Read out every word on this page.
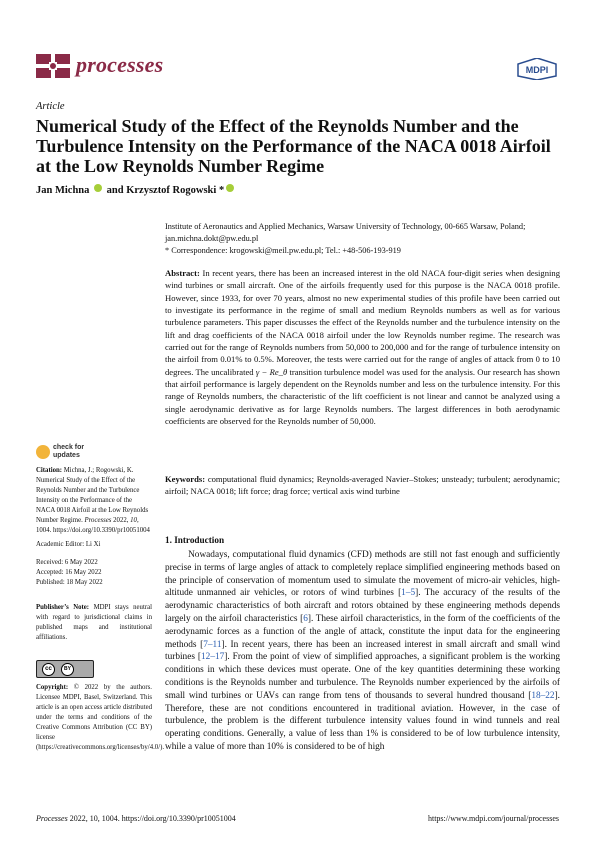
processes	MDPI
Article
Numerical Study of the Effect of the Reynolds Number and the Turbulence Intensity on the Performance of the NACA 0018 Airfoil at the Low Reynolds Number Regime
Jan Michna and Krzysztof Rogowski *
Institute of Aeronautics and Applied Mechanics, Warsaw University of Technology, 00-665 Warsaw, Poland;
jan.michna.dokt@pw.edu.pl
* Correspondence: krogowski@meil.pw.edu.pl; Tel.: +48-506-193-919
Abstract: In recent years, there has been an increased interest in the old NACA four-digit series when designing wind turbines or small aircraft. One of the airfoils frequently used for this purpose is the NACA 0018 profile. However, since 1933, for over 70 years, almost no new experimental studies of this profile have been carried out to investigate its performance in the regime of small and medium Reynolds numbers as well as for various turbulence parameters. This paper discusses the effect of the Reynolds number and the turbulence intensity on the lift and drag coefficients of the NACA 0018 airfoil under the low Reynolds number regime. The research was carried out for the range of Reynolds numbers from 50,000 to 200,000 and for the range of turbulence intensity on the airfoil from 0.01% to 0.5%. Moreover, the tests were carried out for the range of angles of attack from 0 to 10 degrees. The uncalibrated γ − Re_θ transition turbulence model was used for the analysis. Our research has shown that airfoil performance is largely dependent on the Reynolds number and less on the turbulence intensity. For this range of Reynolds numbers, the characteristic of the lift coefficient is not linear and cannot be analyzed using a single aerodynamic derivative as for large Reynolds numbers. The largest differences in both aerodynamic coefficients are observed for the Reynolds number of 50,000.
Keywords: computational fluid dynamics; Reynolds-averaged Navier–Stokes; unsteady; turbulent; aerodynamic; airfoil; NACA 0018; lift force; drag force; vertical axis wind turbine
1. Introduction
Nowadays, computational fluid dynamics (CFD) methods are still not fast enough and sufficiently precise in terms of large angles of attack to completely replace simplified engineering methods based on the principle of conservation of momentum used to simulate the movement of micro-air vehicles, high-altitude unmanned air vehicles, or rotors of wind turbines [1–5]. The accuracy of the results of the aerodynamic characteristics of both aircraft and rotors obtained by these engineering methods depends largely on the airfoil characteristics [6]. These airfoil characteristics, in the form of the coefficients of the aerodynamic forces as a function of the angle of attack, constitute the input data for the engineering methods [7–11]. In recent years, there has been an increased interest in small aircraft and small wind turbines [12–17]. From the point of view of simplified approaches, a significant problem is the working conditions in which these devices must operate. One of the key quantities determining these working conditions is the Reynolds number and turbulence. The Reynolds number experienced by the airfoils of small wind turbines or UAVs can range from tens of thousands to several hundred thousand [18–22]. Therefore, these are not conditions encountered in traditional aviation. However, in the case of turbulence, the problem is the different turbulence intensity values found in wind tunnels and real operating conditions. Generally, a value of less than 1% is considered to be of low turbulence intensity, while a value of more than 10% is considered to be of high
check for updates
Citation: Michna, J.; Rogowski, K. Numerical Study of the Effect of the Reynolds Number and the Turbulence Intensity on the Performance of the NACA 0018 Airfoil at the Low Reynolds Number Regime. Processes 2022, 10, 1004. https://doi.org/10.3390/pr10051004
Academic Editor: Li Xi
Received: 6 May 2022
Accepted: 16 May 2022
Published: 18 May 2022
Publisher’s Note: MDPI stays neutral with regard to jurisdictional claims in published maps and institutional affiliations.
cc	BY
Copyright: © 2022 by the authors. Licensee MDPI, Basel, Switzerland. This article is an open access article distributed under the terms and conditions of the Creative Commons Attribution (CC BY) license (https://creativecommons.org/licenses/by/4.0/).
Processes 2022, 10, 1004. https://doi.org/10.3390/pr10051004	https://www.mdpi.com/journal/processes
